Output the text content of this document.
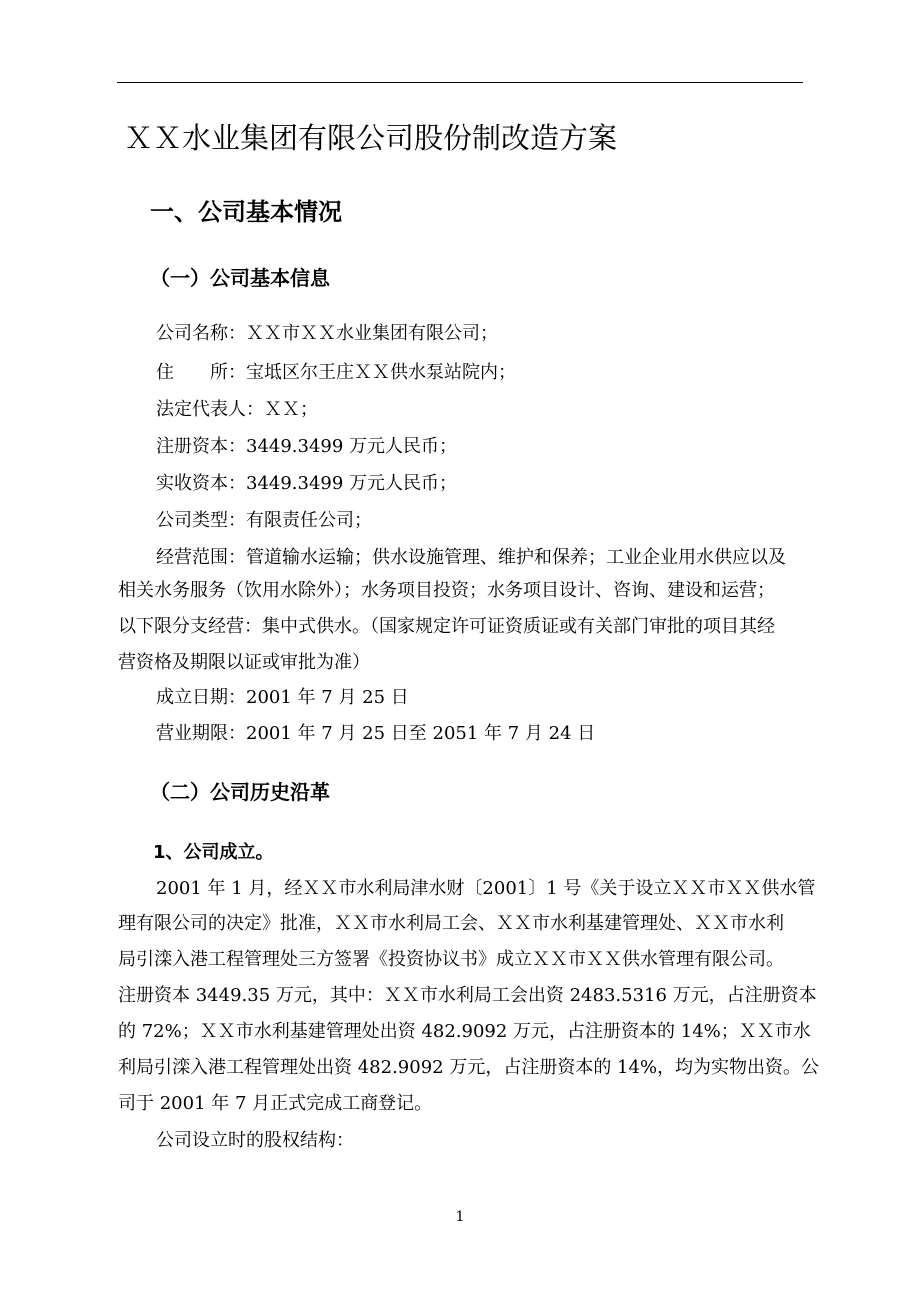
ＸＸ水业集团有限公司股份制改造方案
一、公司基本情况
（一）公司基本信息
公司名称：ＸＸ市ＸＸ水业集团有限公司；
住　　所：宝坻区尔王庄ＸＸ供水泵站院内；
法定代表人：ＸＸ；
注册资本：3449.3499 万元人民币；
实收资本：3449.3499 万元人民币；
公司类型：有限责任公司；
经营范围：管道输水运输；供水设施管理、维护和保养；工业企业用水供应以及
相关水务服务（饮用水除外）；水务项目投资；水务项目设计、咨询、建设和运营；
以下限分支经营：集中式供水。（国家规定许可证资质证或有关部门审批的项目其经
营资格及期限以证或审批为准）
成立日期：2001 年 7 月 25 日
营业期限：2001 年 7 月 25 日至 2051 年 7 月 24 日
（二）公司历史沿革
1、公司成立。
2001 年 1 月，经ＸＸ市水利局津水财〔2001〕1 号《关于设立ＸＸ市ＸＸ供水管
理有限公司的决定》批准，ＸＸ市水利局工会、ＸＸ市水利基建管理处、ＸＸ市水利
局引滦入港工程管理处三方签署《投资协议书》成立ＸＸ市ＸＸ供水管理有限公司。
注册资本 3449.35 万元，其中：ＸＸ市水利局工会出资 2483.5316 万元，占注册资本
的 72%；ＸＸ市水利基建管理处出资 482.9092 万元，占注册资本的 14%；ＸＸ市水
利局引滦入港工程管理处出资 482.9092 万元，占注册资本的 14%，均为实物出资。公
司于 2001 年 7 月正式完成工商登记。
公司设立时的股权结构：
1
